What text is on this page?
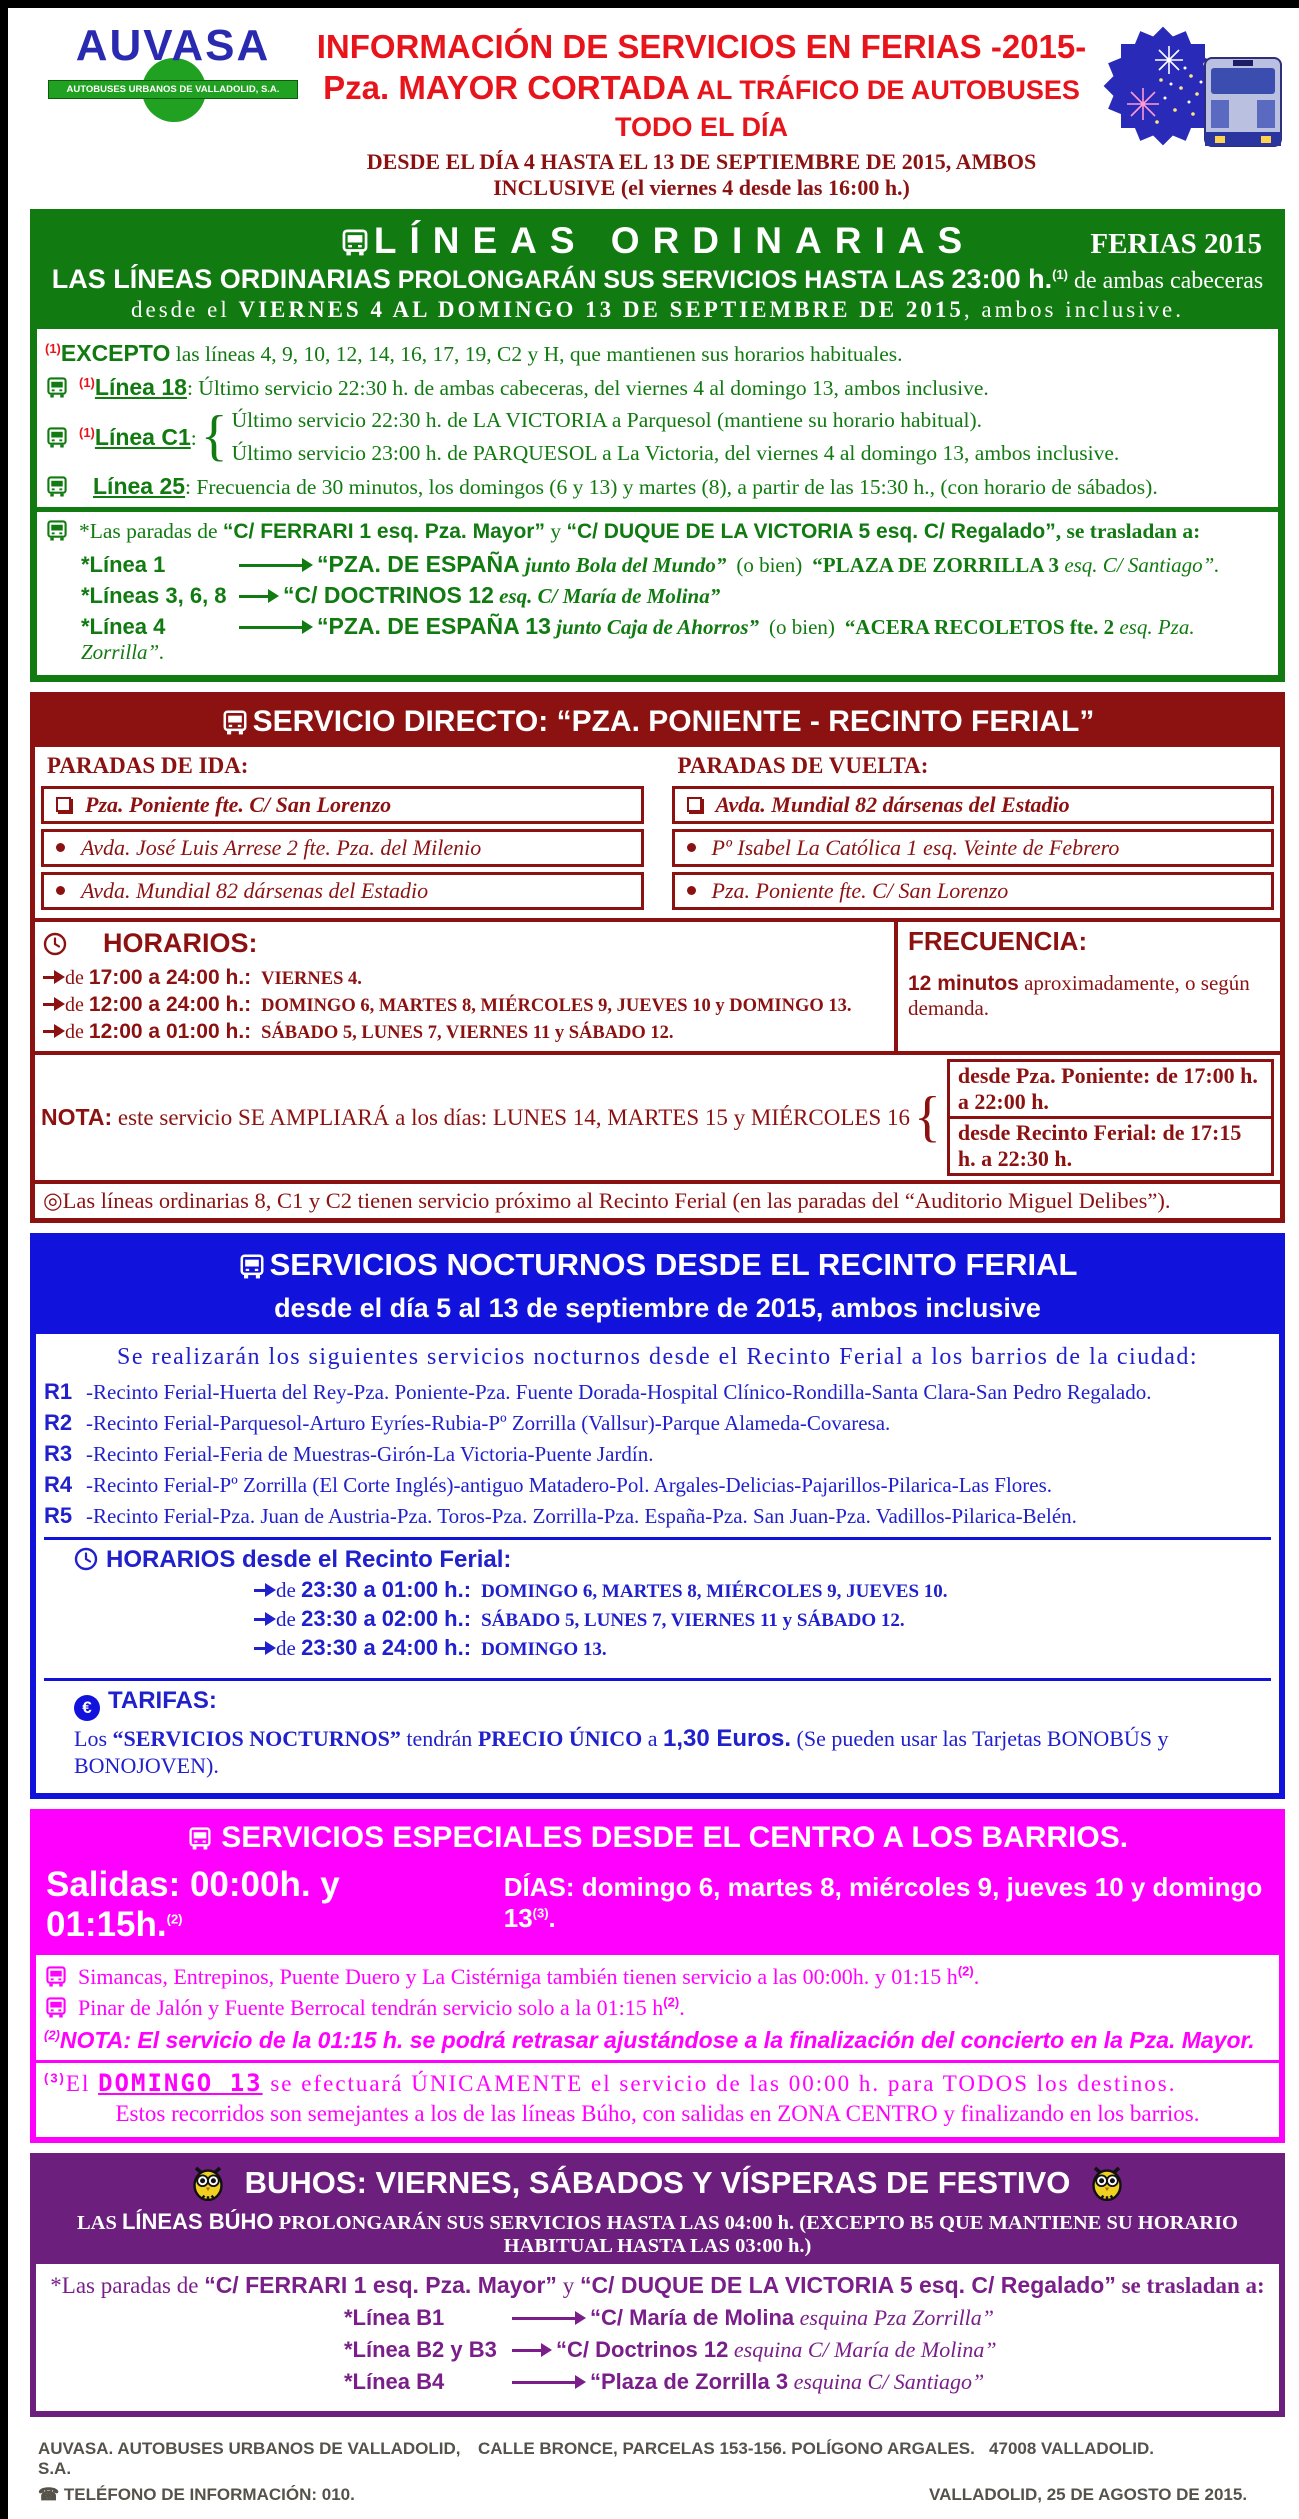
AUVASA
AUTOBUSES URBANOS DE VALLADOLID, S.A.
INFORMACIÓN DE SERVICIOS EN FERIAS -2015-
Pza. MAYOR CORTADA AL TRÁFICO DE AUTOBUSES TODO EL DÍA
DESDE EL DÍA 4 HASTA EL 13 DE SEPTIEMBRE DE 2015, AMBOS INCLUSIVE (el viernes 4 desde las 16:00 h.)
LÍNEAS ORDINARIAS	FERIAS 2015
LAS LÍNEAS ORDINARIAS PROLONGARÁN SUS SERVICIOS HASTA LAS 23:00 h.$^{(1)}$ de ambas cabeceras
desde el VIERNES 4 AL DOMINGO 13 DE SEPTIEMBRE DE 2015, ambos inclusive.
$^{(1)}$EXCEPTO las líneas 4, 9, 10, 12, 14, 16, 17, 19, C2 y H, que mantienen sus horarios habituales.
$^{(1)}$Línea 18: Último servicio 22:30 h. de ambas cabeceras, del viernes 4 al domingo 13, ambos inclusive.
$^{(1)}$Línea C1: { Último servicio 22:30 h. de LA VICTORIA a Parquesol (mantiene su horario habitual).
Último servicio 23:00 h. de PARQUESOL a La Victoria, del viernes 4 al domingo 13, ambos inclusive.
Línea 25: Frecuencia de 30 minutos, los domingos (6 y 13) y martes (8), a partir de las 15:30 h., (con horario de sábados).
*Las paradas de “C/ FERRARI 1 esq. Pza. Mayor” y “C/ DUQUE DE LA VICTORIA 5 esq. C/ Regalado”, se trasladan a:
*Línea 1	“PZA. DE ESPAÑA junto Bola del Mundo” (o bien) “PLAZA DE ZORRILLA 3 esq. C/ Santiago”.
*Líneas 3, 6, 8 “C/ DOCTRINOS 12 esq. C/ María de Molina”
*Línea 4	“PZA. DE ESPAÑA 13 junto Caja de Ahorros” (o bien) “ACERA RECOLETOS fte. 2 esq. Pza. Zorrilla”.
SERVICIO DIRECTO: “PZA. PONIENTE - RECINTO FERIAL”
PARADAS DE IDA:
Pza. Poniente fte. C/ San Lorenzo
Avda. José Luis Arrese 2 fte. Pza. del Milenio
Avda. Mundial 82 dársenas del Estadio
PARADAS DE VUELTA:
Avda. Mundial 82 dársenas del Estadio
Pº Isabel La Católica 1 esq. Veinte de Febrero
Pza. Poniente fte. C/ San Lorenzo
HORARIOS:
de 17:00 a 24:00 h.: VIERNES 4.
de 12:00 a 24:00 h.: DOMINGO 6, MARTES 8, MIÉRCOLES 9, JUEVES 10 y DOMINGO 13.
de 12:00 a 01:00 h.: SÁBADO 5, LUNES 7, VIERNES 11 y SÁBADO 12.
FRECUENCIA:
12 minutos aproximadamente, o según demanda.
NOTA: este servicio SE AMPLIARÁ a los días: LUNES 14, MARTES 15 y MIÉRCOLES 16 {
desde Pza. Poniente: de 17:00 h. a 22:00 h.
desde Recinto Ferial: de 17:15 h. a 22:30 h.
◎Las líneas ordinarias 8, C1 y C2 tienen servicio próximo al Recinto Ferial (en las paradas del “Auditorio Miguel Delibes”).
SERVICIOS NOCTURNOS DESDE EL RECINTO FERIAL
desde el día 5 al 13 de septiembre de 2015, ambos inclusive
Se realizarán los siguientes servicios nocturnos desde el Recinto Ferial a los barrios de la ciudad:
R1 -Recinto Ferial-Huerta del Rey-Pza. Poniente-Pza. Fuente Dorada-Hospital Clínico-Rondilla-Santa Clara-San Pedro Regalado.
R2 -Recinto Ferial-Parquesol-Arturo Eyríes-Rubia-Pº Zorrilla (Vallsur)-Parque Alameda-Covaresa.
R3 -Recinto Ferial-Feria de Muestras-Girón-La Victoria-Puente Jardín.
R4 -Recinto Ferial-Pº Zorrilla (El Corte Inglés)-antiguo Matadero-Pol. Argales-Delicias-Pajarillos-Pilarica-Las Flores.
R5 -Recinto Ferial-Pza. Juan de Austria-Pza. Toros-Pza. Zorrilla-Pza. España-Pza. San Juan-Pza. Vadillos-Pilarica-Belén.
HORARIOS desde el Recinto Ferial:
de 23:30 a 01:00 h.: DOMINGO 6, MARTES 8, MIÉRCOLES 9, JUEVES 10.
de 23:30 a 02:00 h.: SÁBADO 5, LUNES 7, VIERNES 11 y SÁBADO 12.
de 23:30 a 24:00 h.: DOMINGO 13.
€ TARIFAS:
Los “SERVICIOS NOCTURNOS” tendrán PRECIO ÚNICO a 1,30 Euros. (Se pueden usar las Tarjetas BONOBÚS y BONOJOVEN).
SERVICIOS ESPECIALES DESDE EL CENTRO A LOS BARRIOS.
Salidas: 00:00h. y 01:15h.$^{(2)}$
DÍAS: domingo 6, martes 8, miércoles 9, jueves 10 y domingo 13$^{(3)}$.
Simancas, Entrepinos, Puente Duero y La Cistérniga también tienen servicio a las 00:00h. y 01:15 $h^{(2)}$.
Pinar de Jalón y Fuente Berrocal tendrán servicio solo a la 01:15 $h^{(2)}$.
$^{(2)}$NOTA: El servicio de la 01:15 h. se podrá retrasar ajustándose a la finalización del concierto en la Pza. Mayor.
$^{(3)}$El DOMINGO 13 se efectuará ÚNICAMENTE el servicio de las 00:00 h. para TODOS los destinos.
Estos recorridos son semejantes a los de las líneas Búho, con salidas en ZONA CENTRO y finalizando en los barrios.
BUHOS: VIERNES, SÁBADOS Y VÍSPERAS DE FESTIVO
LAS LÍNEAS BÚHO PROLONGARÁN SUS SERVICIOS HASTA LAS 04:00 h. (EXCEPTO B5 QUE MANTIENE SU HORARIO HABITUAL HASTA LAS 03:00 h.)
*Las paradas de “C/ FERRARI 1 esq. Pza. Mayor” y “C/ DUQUE DE LA VICTORIA 5 esq. C/ Regalado” se trasladan a:
*Línea B1	“C/ María de Molina esquina Pza Zorrilla”
*Línea B2 y B3	“C/ Doctrinos 12 esquina C/ María de Molina”
*Línea B4	“Plaza de Zorrilla 3 esquina C/ Santiago”
AUVASA. AUTOBUSES URBANOS DE VALLADOLID, S.A.
CALLE BRONCE, PARCELAS 153-156. POLÍGONO ARGALES. 47008 VALLADOLID.
☎ TELÉFONO DE INFORMACIÓN: 010.	VALLADOLID, 25 DE AGOSTO DE 2015.
